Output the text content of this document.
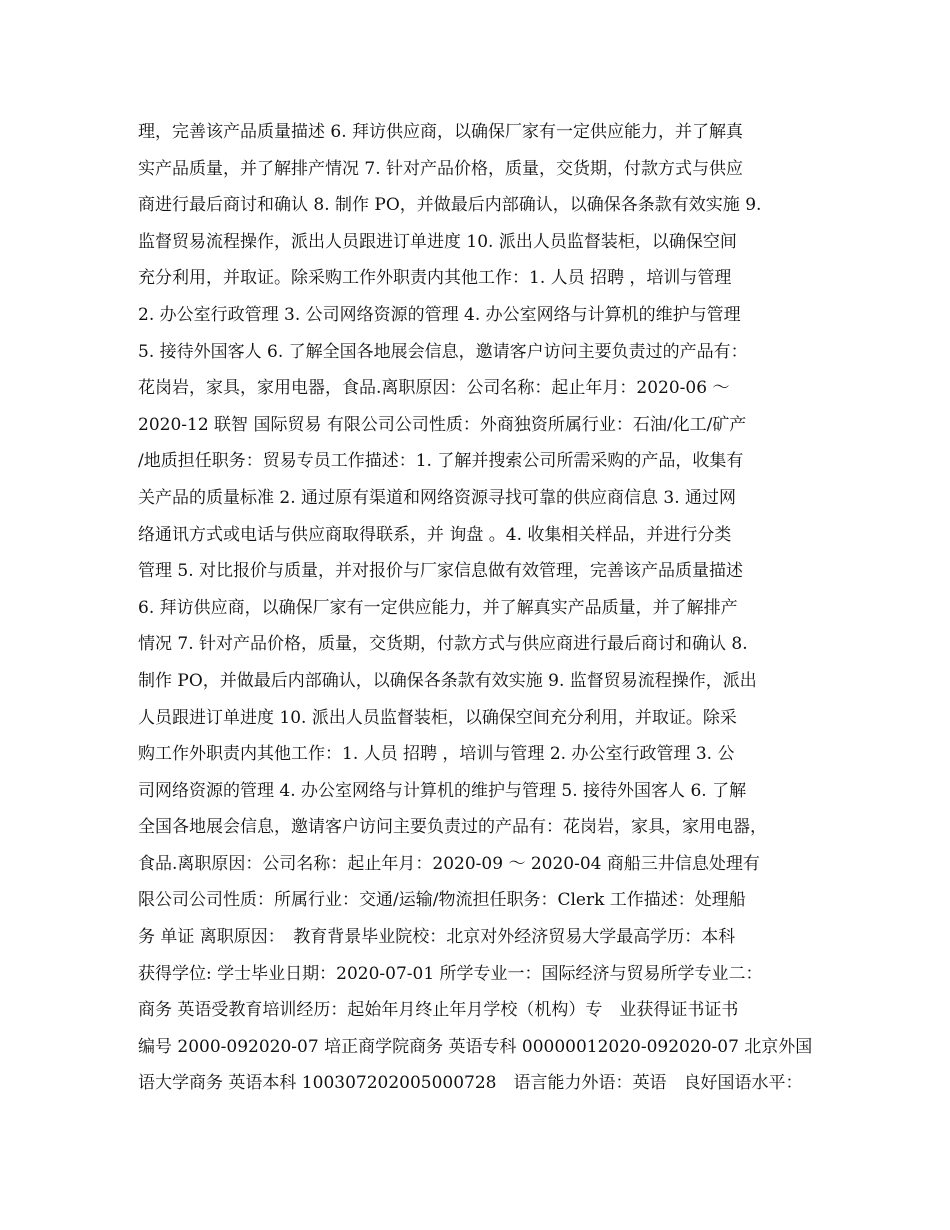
理，完善该产品质量描述 6. 拜访供应商，以确保厂家有一定供应能力，并了解真
实产品质量，并了解排产情况 7. 针对产品价格，质量，交货期，付款方式与供应
商进行最后商讨和确认 8. 制作 PO，并做最后内部确认，以确保各条款有效实施 9.
监督贸易流程操作，派出人员跟进订单进度 10. 派出人员监督装柜，以确保空间
充分利用，并取证。除采购工作外职责内其他工作：1. 人员 招聘 ，培训与管理
2. 办公室行政管理 3. 公司网络资源的管理 4. 办公室网络与计算机的维护与管理
5. 接待外国客人 6. 了解全国各地展会信息，邀请客户访问主要负责过的产品有：
花岗岩，家具，家用电器，食品.离职原因：公司名称：起止年月：2020-06 ～
2020-12 联智 国际贸易 有限公司公司性质：外商独资所属行业：石油/化工/矿产
/地质担任职务：贸易专员工作描述：1. 了解并搜索公司所需采购的产品，收集有
关产品的质量标准 2. 通过原有渠道和网络资源寻找可靠的供应商信息 3. 通过网
络通讯方式或电话与供应商取得联系，并 询盘 。4. 收集相关样品，并进行分类
管理 5. 对比报价与质量，并对报价与厂家信息做有效管理，完善该产品质量描述
6. 拜访供应商，以确保厂家有一定供应能力，并了解真实产品质量，并了解排产
情况 7. 针对产品价格，质量，交货期，付款方式与供应商进行最后商讨和确认 8.
制作 PO，并做最后内部确认，以确保各条款有效实施 9. 监督贸易流程操作，派出
人员跟进订单进度 10. 派出人员监督装柜，以确保空间充分利用，并取证。除采
购工作外职责内其他工作：1. 人员 招聘 ，培训与管理 2. 办公室行政管理 3. 公
司网络资源的管理 4. 办公室网络与计算机的维护与管理 5. 接待外国客人 6. 了解
全国各地展会信息，邀请客户访问主要负责过的产品有：花岗岩，家具，家用电器，
食品.离职原因：公司名称：起止年月：2020-09 ～ 2020-04 商船三井信息处理有
限公司公司性质：所属行业：交通/运输/物流担任职务：Clerk 工作描述：处理船
务 单证 离职原因：　教育背景毕业院校：北京对外经济贸易大学最高学历：本科
获得学位: 学士毕业日期：2020-07-01 所学专业一：国际经济与贸易所学专业二：
商务 英语受教育培训经历：起始年月终止年月学校（机构）专　业获得证书证书
编号 2000-092020-07 培正商学院商务 英语专科 00000012020-092020-07 北京外国
语大学商务 英语本科 100307202005000728　语言能力外语：英语　良好国语水平：
